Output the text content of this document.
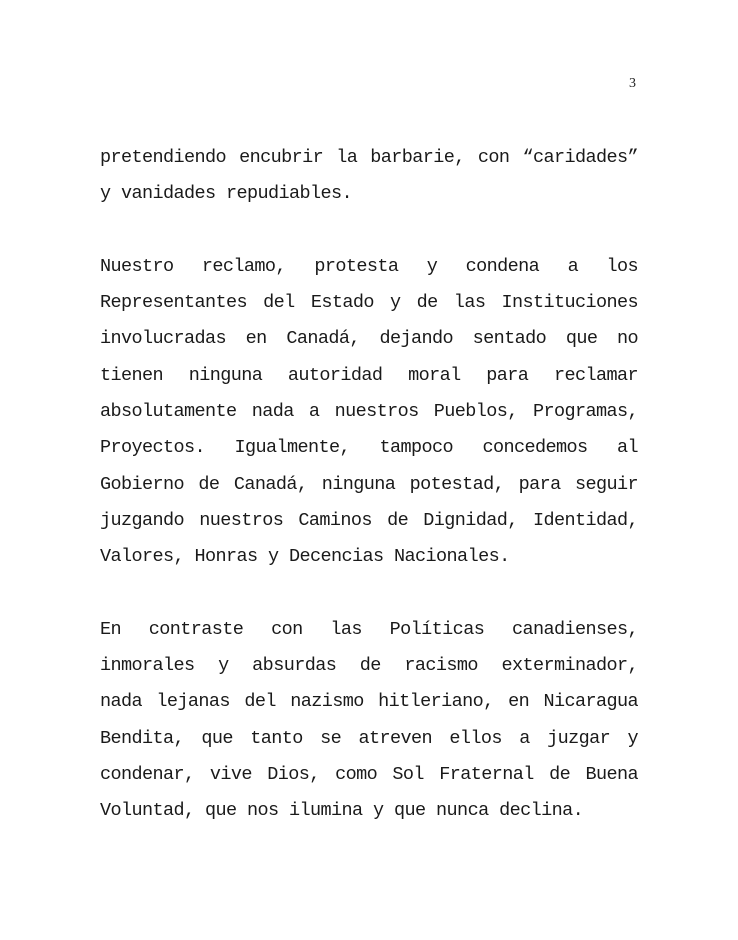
3

pretendiendo encubrir la barbarie, con “caridades”
y vanidades repudiables.

Nuestro reclamo, protesta y condena a los
Representantes del Estado y de las Instituciones
involucradas en Canadá, dejando sentado que no
tienen ninguna autoridad moral para reclamar
absolutamente nada a nuestros Pueblos, Programas,
Proyectos. Igualmente, tampoco concedemos al
Gobierno de Canadá, ninguna potestad, para seguir
juzgando nuestros Caminos de Dignidad, Identidad,
Valores, Honras y Decencias Nacionales.

En contraste con las Políticas canadienses,
inmorales y absurdas de racismo exterminador,
nada lejanas del nazismo hitleriano, en Nicaragua
Bendita, que tanto se atreven ellos a juzgar y
condenar, vive Dios, como Sol Fraternal de Buena
Voluntad, que nos ilumina y que nunca declina.
